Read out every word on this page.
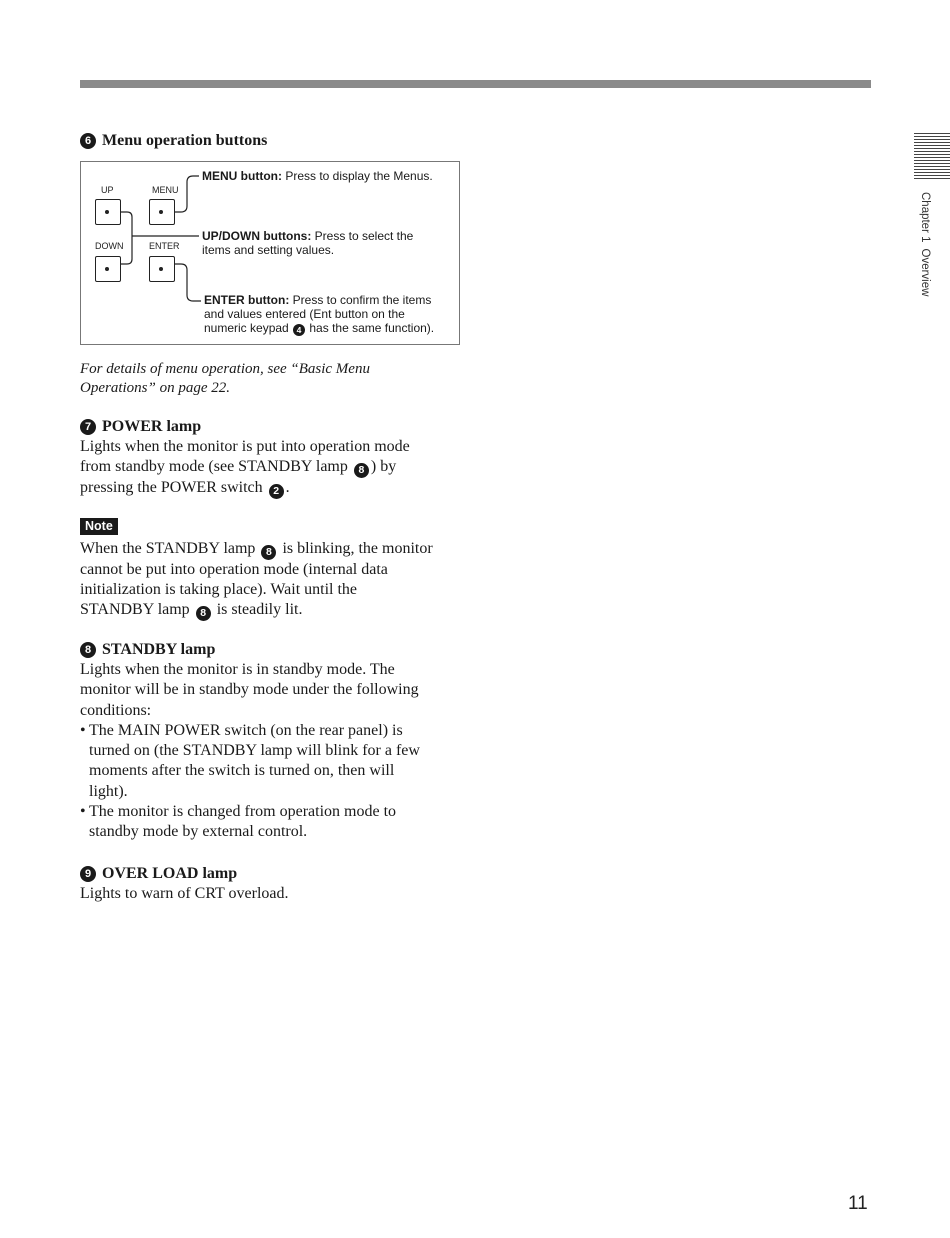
Chapter 1Overview
6 Menu operation buttons
UP	MENU
DOWN	ENTER
MENU button: Press to display the Menus.
UP/DOWN buttons: Press to select the
items and setting values.
ENTER button: Press to confirm the items
and values entered (Ent button on the
numeric keypad 4 has the same function).

For details of menu operation, see “Basic Menu
Operations” on page 22.

7 POWER lamp

Lights when the monitor is put into operation mode
from standby mode (see STANDBY lamp 8 ) by
pressing the POWER switch 2 .

Note

When the STANDBY lamp 8 is blinking, the monitor
cannot be put into operation mode (internal data
initialization is taking place). Wait until the
STANDBY lamp 8 is steadily lit.

8 STANDBY lamp

Lights when the monitor is in standby mode. The
monitor will be in standby mode under the following
conditions:

• The MAIN POWER switch (on the rear panel) is
turned on (the STANDBY lamp will blink for a few
moments after the switch is turned on, then will
light).
• The monitor is changed from operation mode to
standby mode by external control.
9 OVER LOAD lamp

Lights to warn of CRT overload.

11
